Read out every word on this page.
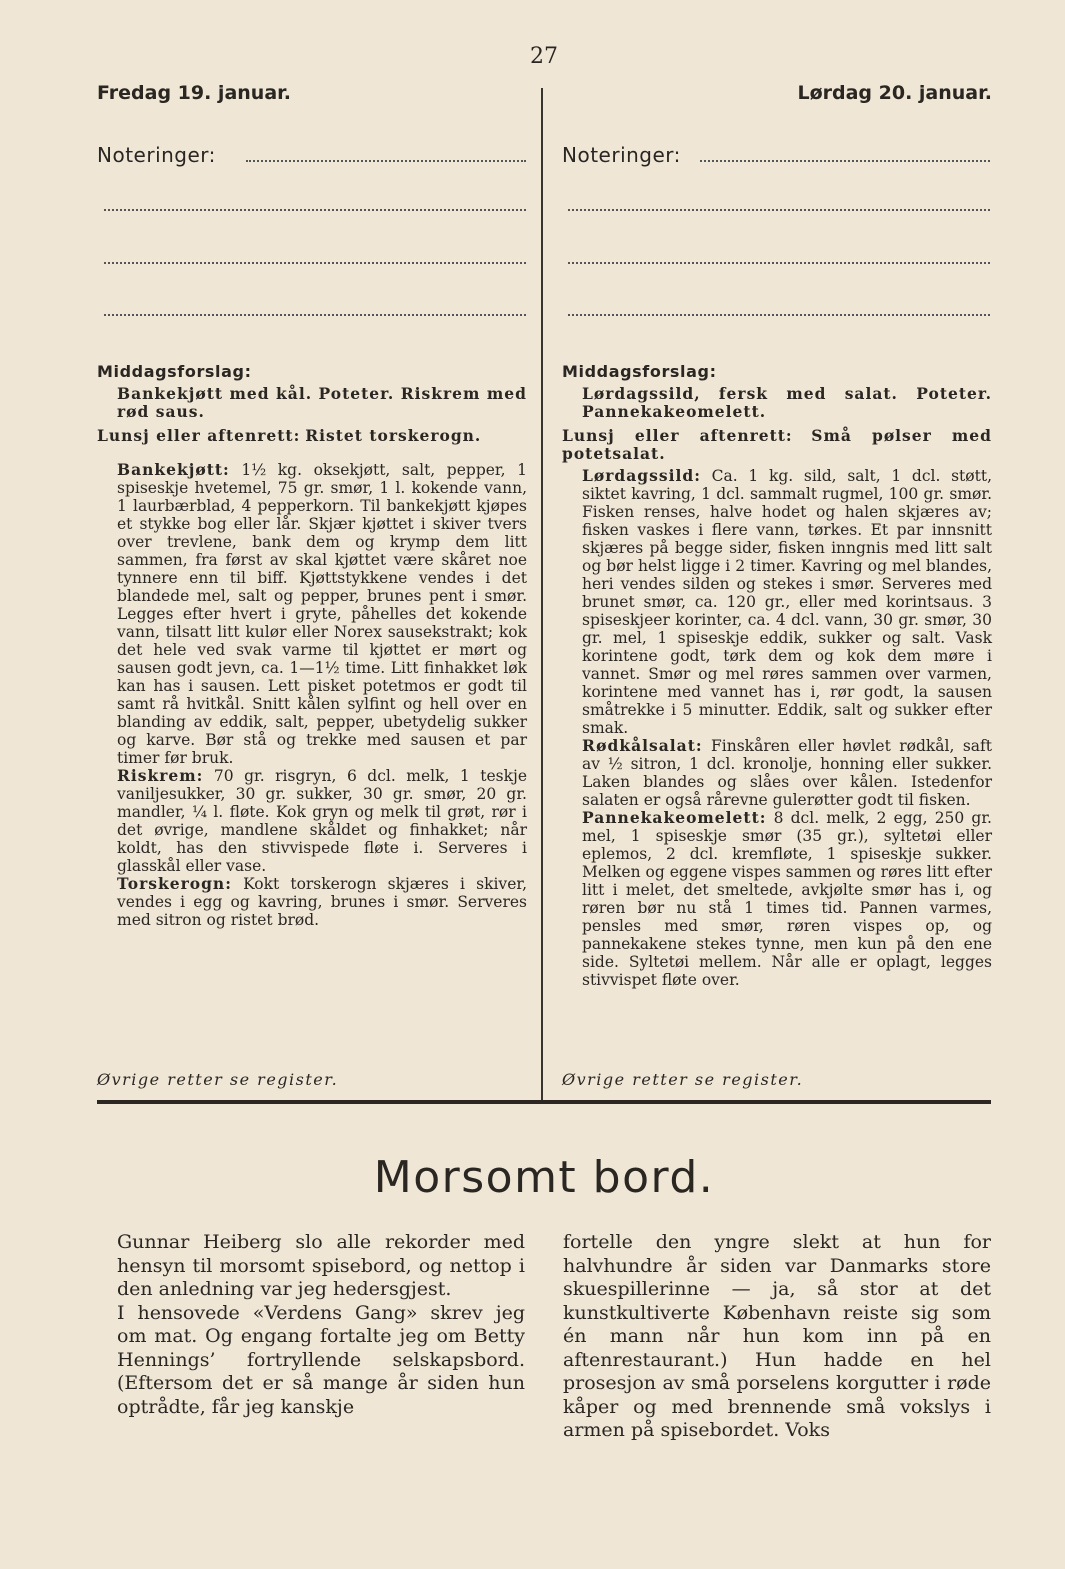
27
Fredag 19. januar.	Lørdag 20. januar.
Noteringer:	Noteringer:

Middagsforslag:

Bankekjøtt med kål. Poteter. Riskrem med rød saus.

Lunsj eller aftenrett: Ristet torskerogn.

Bankekjøtt: 1½ kg. oksekjøtt, salt, pepper, 1 spiseskje hvetemel, 75 gr. smør, 1 l. kokende vann, 1 laurbærblad, 4 pepperkorn. Til bankekjøtt kjøpes et stykke bog eller lår. Skjær kjøttet i skiver tvers over trevlene, bank dem og krymp dem litt sammen, fra først av skal kjøttet være skåret noe tynnere enn til biff. Kjøttstykkene vendes i det blandede mel, salt og pepper, brunes pent i smør. Legges efter hvert i gryte, påhelles det kokende vann, tilsatt litt kulør eller Norex sausekstrakt; kok det hele ved svak varme til kjøttet er mørt og sausen godt jevn, ca. 1—1½ time. Litt finhakket løk kan has i sausen. Lett pisket potetmos er godt til samt rå hvitkål. Snitt kålen sylfint og hell over en blanding av eddik, salt, pepper, ubetydelig sukker og karve. Bør stå og trekke med sausen et par timer før bruk.

Riskrem: 70 gr. risgryn, 6 dcl. melk, 1 teskje vaniljesukker, 30 gr. sukker, 30 gr. smør, 20 gr. mandler, ¼ l. fløte. Kok gryn og melk til grøt, rør i det øvrige, mandlene skåldet og finhakket; når koldt, has den stivvispede fløte i. Serveres i glasskål eller vase.

Torskerogn: Kokt torskerogn skjæres i skiver, vendes i egg og kavring, brunes i smør. Serveres med sitron og ristet brød.

Øvrige retter se register.

Middagsforslag:

Lørdagssild, fersk med salat. Poteter. Pannekakeomelett.

Lunsj eller aftenrett: Små pølser med potetsalat.

Lørdagssild: Ca. 1 kg. sild, salt, 1 dcl. støtt, siktet kavring, 1 dcl. sammalt rugmel, 100 gr. smør. Fisken renses, halve hodet og halen skjæres av; fisken vaskes i flere vann, tørkes. Et par innsnitt skjæres på begge sider, fisken inngnis med litt salt og bør helst ligge i 2 timer. Kavring og mel blandes, heri vendes silden og stekes i smør. Serveres med brunet smør, ca. 120 gr., eller med korintsaus. 3 spiseskjeer korinter, ca. 4 dcl. vann, 30 gr. smør, 30 gr. mel, 1 spiseskje eddik, sukker og salt. Vask korintene godt, tørk dem og kok dem møre i vannet. Smør og mel røres sammen over varmen, korintene med vannet has i, rør godt, la sausen småtrekke i 5 minutter. Eddik, salt og sukker efter smak.

Rødkålsalat: Finskåren eller høvlet rødkål, saft av ½ sitron, 1 dcl. kronolje, honning eller sukker. Laken blandes og slåes over kålen. Istedenfor salaten er også rårevne gulerøtter godt til fisken.

Pannekakeomelett: 8 dcl. melk, 2 egg, 250 gr. mel, 1 spiseskje smør (35 gr.), syltetøi eller eplemos, 2 dcl. kremfløte, 1 spiseskje sukker. Melken og eggene vispes sammen og røres litt efter litt i melet, det smeltede, avkjølte smør has i, og røren bør nu stå 1 times tid. Pannen varmes, pensles med smør, røren vispes op, og pannekakene stekes tynne, men kun på den ene side. Syltetøi mellem. Når alle er oplagt, legges stivvispet fløte over.

Øvrige retter se register.
Morsomt bord.

Gunnar Heiberg slo alle rekorder med hensyn til morsomt spisebord, og nettop i den anledning var jeg hedersgjest.

I hensovede «Verdens Gang» skrev jeg om mat. Og engang fortalte jeg om Betty Hennings’ fortryllende selskapsbord. (Eftersom det er så mange år siden hun optrådte, får jeg kanskje

fortelle den yngre slekt at hun for halvhundre år siden var Danmarks store skuespillerinne — ja, så stor at det kunstkultiverte København reiste sig som én mann når hun kom inn på en aftenrestaurant.) Hun hadde en hel prosesjon av små porselens korgutter i røde kåper og med brennende små vokslys i armen på spisebordet. Voks
